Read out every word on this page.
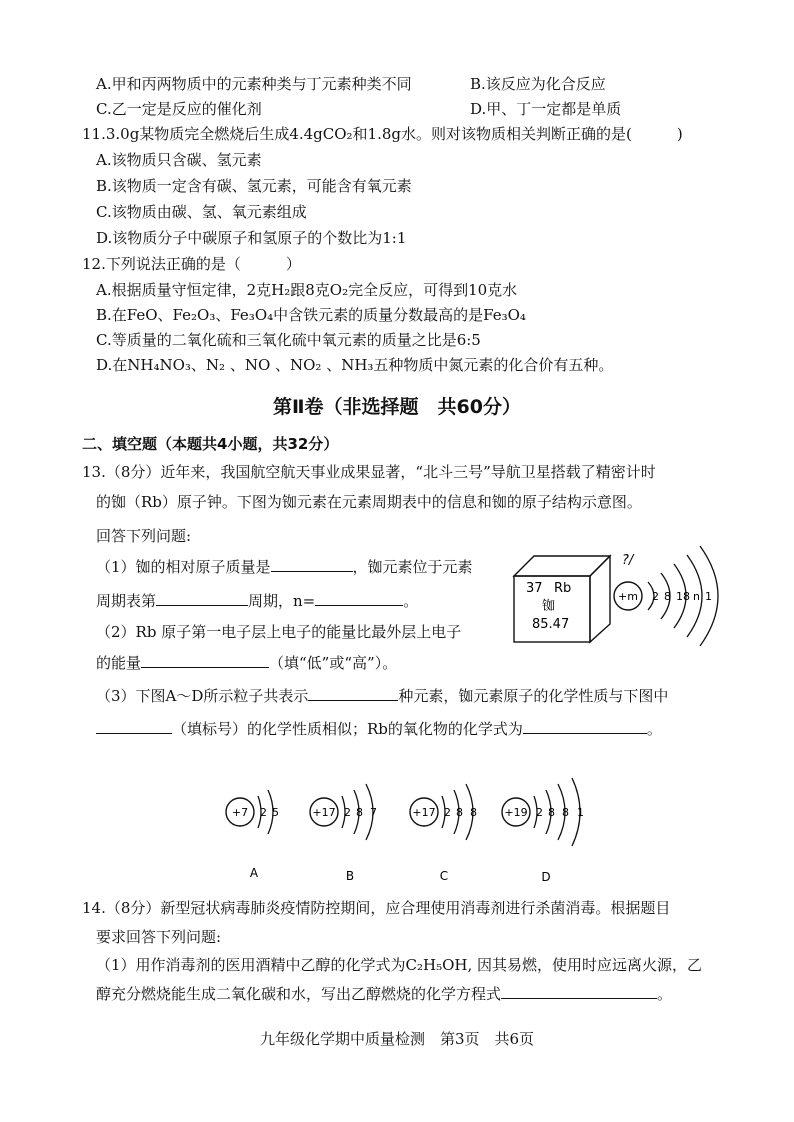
A.甲和丙两物质中的元素种类与丁元素种类不同	B.该反应为化合反应
C.乙一定是反应的催化剂	D.甲、丁一定都是单质
11.3.0g某物质完全燃烧后生成4.4gCO₂和1.8g水。则对该物质相关判断正确的是(　　　)
A.该物质只含碳、氢元素
B.该物质一定含有碳、氢元素，可能含有氧元素
C.该物质由碳、氢、氧元素组成
D.该物质分子中碳原子和氢原子的个数比为1:1
12.下列说法正确的是（　　　）
A.根据质量守恒定律，2克H₂跟8克O₂完全反应，可得到10克水
B.在FeO、Fe₂O₃、Fe₃O₄中含铁元素的质量分数最高的是Fe₃O₄
C.等质量的二氧化硫和三氧化硫中氧元素的质量之比是6:5
D.在NH₄NO₃、N₂ 、NO 、NO₂ 、NH₃五种物质中氮元素的化合价有五种。
第Ⅱ卷（非选择题　共60分）
二、填空题（本题共4小题，共32分）
13.（8分）近年来，我国航空航天事业成果显著，“北斗三号”导航卫星搭载了精密计时
的铷（Rb）原子钟。下图为铷元素在元素周期表中的信息和铷的原子结构示意图。
回答下列问题:
（1）铷的相对原子质量是	，铷元素位于元素
周期表第	周期，n=	。
（2）Rb 原子第一电子层上电子的能量比最外层上电子
的能量	（填“低”或“高”）。
（3）下图A～D所示粒子共表示	种元素，铷元素原子的化学性质与下图中
（填标号）的化学性质相似；Rb的氧化物的化学式为	。
37 Rb
铷
85.47
?/
+m 2 8 18 n 1
+7 2 5
A
+17 2 8 7
B
+17 2 8 8
C
+19 2 8 8 1
D
14.（8分）新型冠状病毒肺炎疫情防控期间，应合理使用消毒剂进行杀菌消毒。根据题目
要求回答下列问题:
（1）用作消毒剂的医用酒精中乙醇的化学式为C₂H₅OH, 因其易燃，使用时应远离火源，乙
醇充分燃烧能生成二氧化碳和水，写出乙醇燃烧的化学方程式	。
九年级化学期中质量检测　第3页　共6页
